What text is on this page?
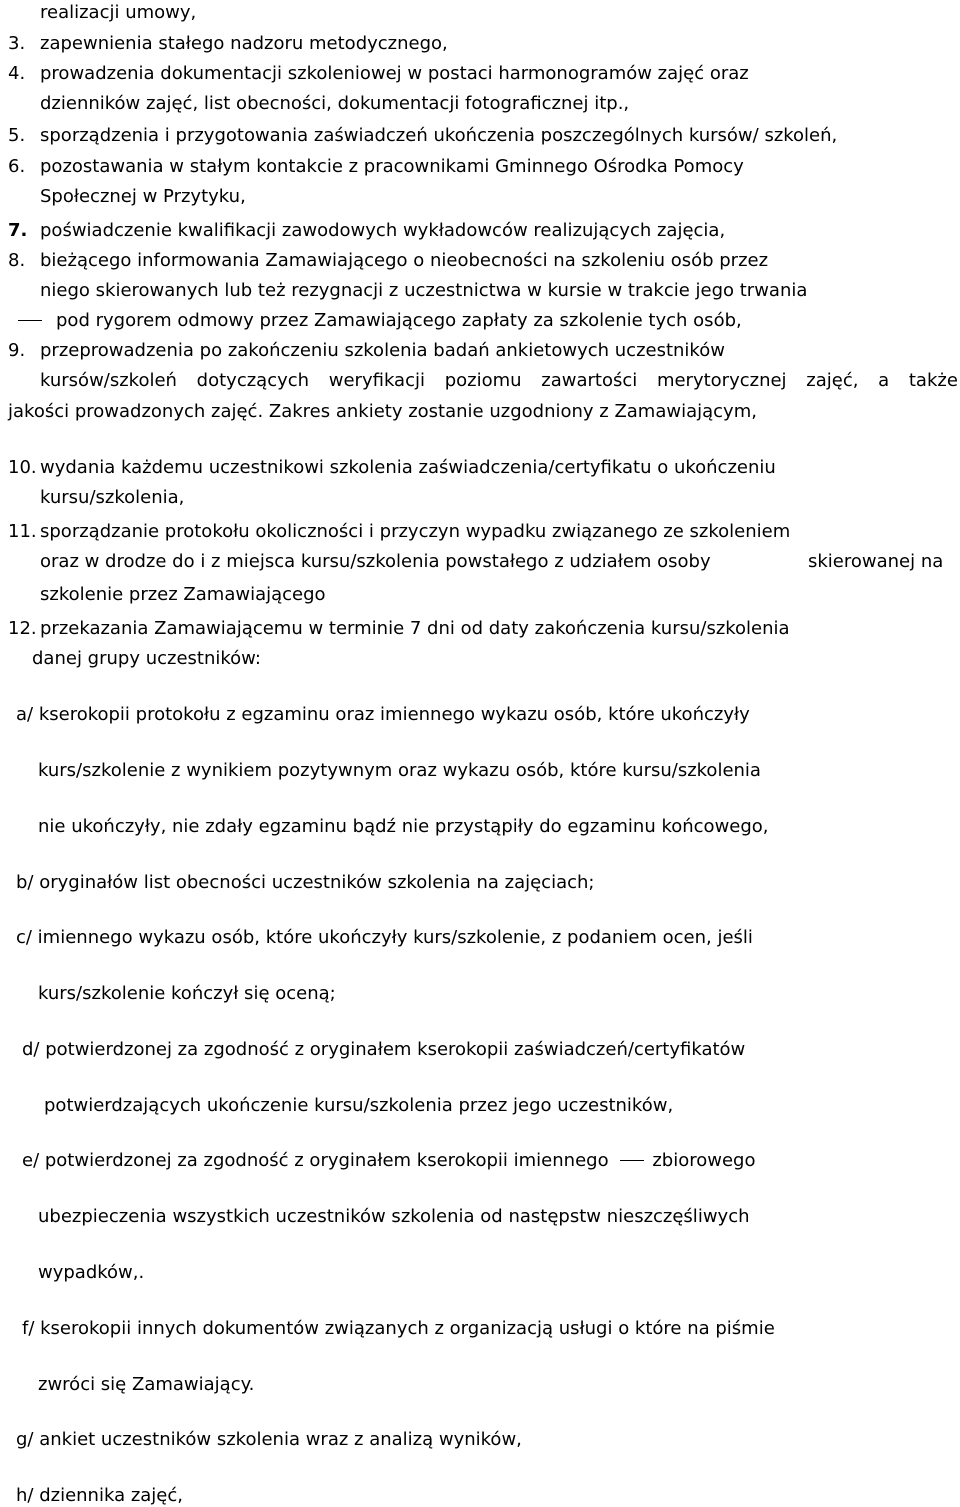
realizacji umowy,
3. zapewnienia stałego nadzoru metodycznego,
4. prowadzenia dokumentacji szkoleniowej w postaci harmonogramów zajęć oraz
dzienników zajęć, list obecności, dokumentacji fotograficznej itp.,
5. sporządzenia i przygotowania zaświadczeń ukończenia poszczególnych kursów/ szkoleń,
6. pozostawania w stałym kontakcie z pracownikami Gminnego Ośrodka Pomocy
Społecznej w Przytyku,
7. poświadczenie kwalifikacji zawodowych wykładowców realizujących zajęcia,
8. bieżącego informowania Zamawiającego o nieobecności na szkoleniu osób przez
niego skierowanych lub też rezygnacji z uczestnictwa w kursie w trakcie jego trwania
pod rygorem odmowy przez Zamawiającego zapłaty za szkolenie tych osób,
9. przeprowadzenia po zakończeniu szkolenia badań ankietowych uczestników
kursów/szkoleń dotyczących weryfikacji poziomu zawartości merytorycznej zajęć, a także
jakości prowadzonych zajęć. Zakres ankiety zostanie uzgodniony z Zamawiającym,
10. wydania każdemu uczestnikowi szkolenia zaświadczenia/certyfikatu o ukończeniu
kursu/szkolenia,
11. sporządzanie protokołu okoliczności i przyczyn wypadku związanego ze szkoleniem
oraz w drodze do i z miejsca kursu/szkolenia powstałego z udziałem osoby	skierowanej na
szkolenie przez Zamawiającego
12. przekazania Zamawiającemu w terminie 7 dni od daty zakończenia kursu/szkolenia
danej grupy uczestników:
a/ kserokopii protokołu z egzaminu oraz imiennego wykazu osób, które ukończyły
kurs/szkolenie z wynikiem pozytywnym oraz wykazu osób, które kursu/szkolenia
nie ukończyły, nie zdały egzaminu bądź nie przystąpiły do egzaminu końcowego,
b/ oryginałów list obecności uczestników szkolenia na zajęciach;
c/ imiennego wykazu osób, które ukończyły kurs/szkolenie, z podaniem ocen, jeśli
kurs/szkolenie kończył się oceną;
d/ potwierdzonej za zgodność z oryginałem kserokopii zaświadczeń/certyfikatów
potwierdzających ukończenie kursu/szkolenia przez jego uczestników,
e/ potwierdzonej za zgodność z oryginałem kserokopii imiennego zbiorowego
ubezpieczenia wszystkich uczestników szkolenia od następstw nieszczęśliwych
wypadków,.
f/ kserokopii innych dokumentów związanych z organizacją usługi o które na piśmie
zwróci się Zamawiający.
g/ ankiet uczestników szkolenia wraz z analizą wyników,
h/ dziennika zajęć,
